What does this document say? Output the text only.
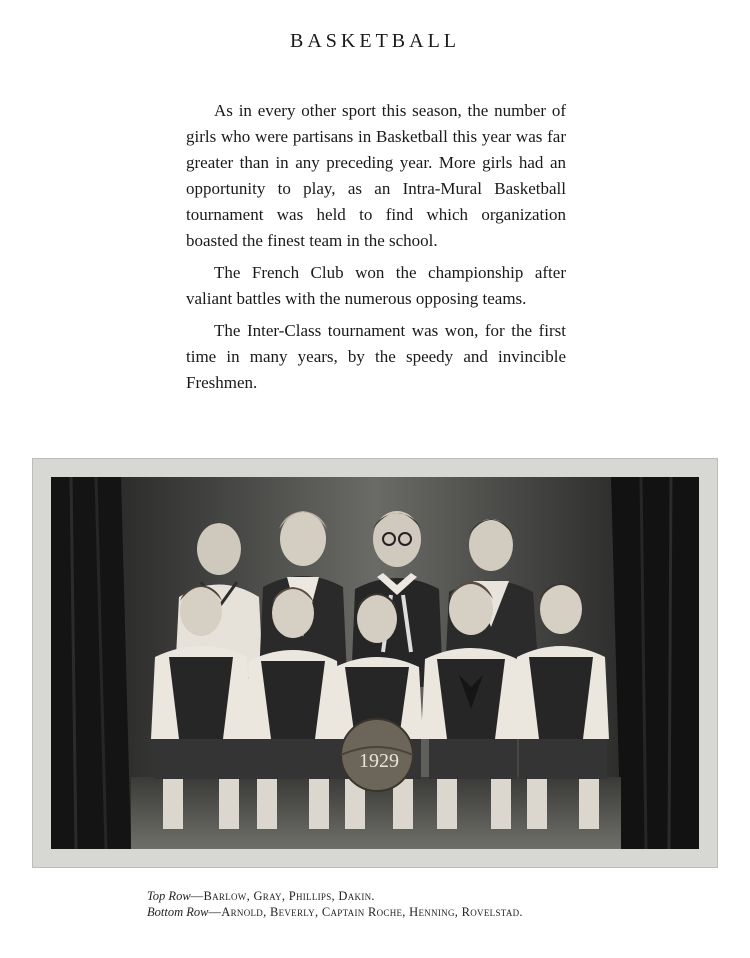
BASKETBALL

As in every other sport this season, the number of girls who were partisans in Basketball this year was far greater than in any preceding year. More girls had an opportunity to play, as an Intra-Mural Basketball tournament was held to find which organization boasted the finest team in the school.

The French Club won the championship after valiant battles with the numerous opposing teams.

The Inter-Class tournament was won, for the first time in many years, by the speedy and invincible Freshmen.

1929
Top Row—Barlow, Gray, Phillips, Dakin.
Bottom Row—Arnold, Beverly, Captain Roche, Henning, Rovelstad.
